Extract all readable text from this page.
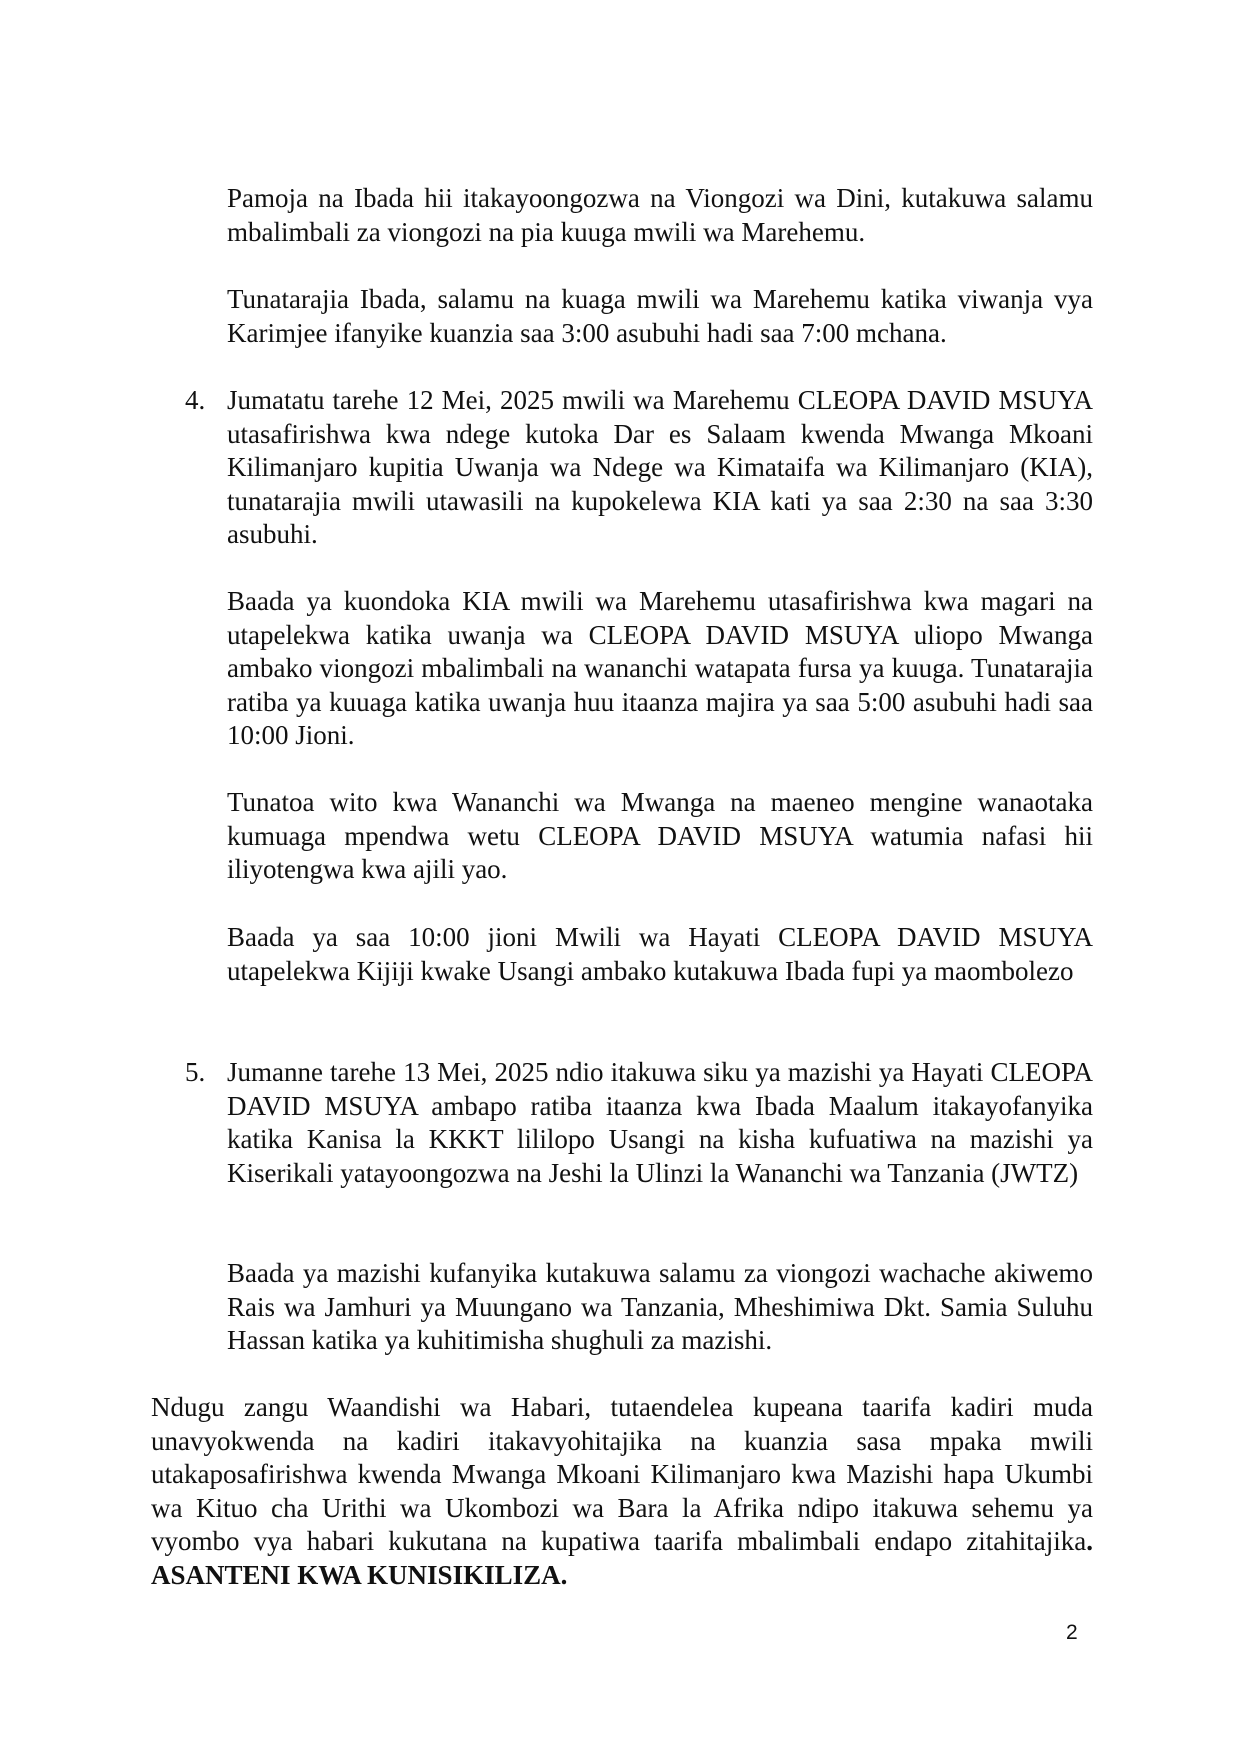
Pamoja na Ibada hii itakayoongozwa na Viongozi wa Dini, kutakuwa salamu mbalimbali za viongozi na pia kuuga mwili wa Marehemu.

Tunatarajia Ibada, salamu na kuaga mwili wa Marehemu katika viwanja vya Karimjee ifanyike kuanzia saa 3:00 asubuhi hadi saa 7:00 mchana.

4. Jumatatu tarehe 12 Mei, 2025 mwili wa Marehemu CLEOPA DAVID MSUYA utasafirishwa kwa ndege kutoka Dar es Salaam kwenda Mwanga Mkoani Kilimanjaro kupitia Uwanja wa Ndege wa Kimataifa wa Kilimanjaro (KIA), tunatarajia mwili utawasili na kupokelewa KIA kati ya saa 2:30 na saa 3:30 asubuhi.

Baada ya kuondoka KIA mwili wa Marehemu utasafirishwa kwa magari na utapelekwa katika uwanja wa CLEOPA DAVID MSUYA uliopo Mwanga ambako viongozi mbalimbali na wananchi watapata fursa ya kuuga. Tunatarajia ratiba ya kuuaga katika uwanja huu itaanza majira ya saa 5:00 asubuhi hadi saa 10:00 Jioni.

Tunatoa wito kwa Wananchi wa Mwanga na maeneo mengine wanaotaka kumuaga mpendwa wetu CLEOPA DAVID MSUYA watumia nafasi hii iliyotengwa kwa ajili yao.

Baada ya saa 10:00 jioni Mwili wa Hayati CLEOPA DAVID MSUYA utapelekwa Kijiji kwake Usangi ambako kutakuwa Ibada fupi ya maombolezo

5. Jumanne tarehe 13 Mei, 2025 ndio itakuwa siku ya mazishi ya Hayati CLEOPA DAVID MSUYA ambapo ratiba itaanza kwa Ibada Maalum itakayofanyika katika Kanisa la KKKT lililopo Usangi na kisha kufuatiwa na mazishi ya Kiserikali yatayoongozwa na Jeshi la Ulinzi la Wananchi wa Tanzania (JWTZ)

Baada ya mazishi kufanyika kutakuwa salamu za viongozi wachache akiwemo Rais wa Jamhuri ya Muungano wa Tanzania, Mheshimiwa Dkt. Samia Suluhu Hassan katika ya kuhitimisha shughuli za mazishi.

Ndugu zangu Waandishi wa Habari, tutaendelea kupeana taarifa kadiri muda unavyokwenda na kadiri itakavyohitajika na kuanzia sasa mpaka mwili utakaposafirishwa kwenda Mwanga Mkoani Kilimanjaro kwa Mazishi hapa Ukumbi wa Kituo cha Urithi wa Ukombozi wa Bara la Afrika ndipo itakuwa sehemu ya vyombo vya habari kukutana na kupatiwa taarifa mbalimbali endapo zitahitajika. ASANTENI KWA KUNISIKILIZA.

2
